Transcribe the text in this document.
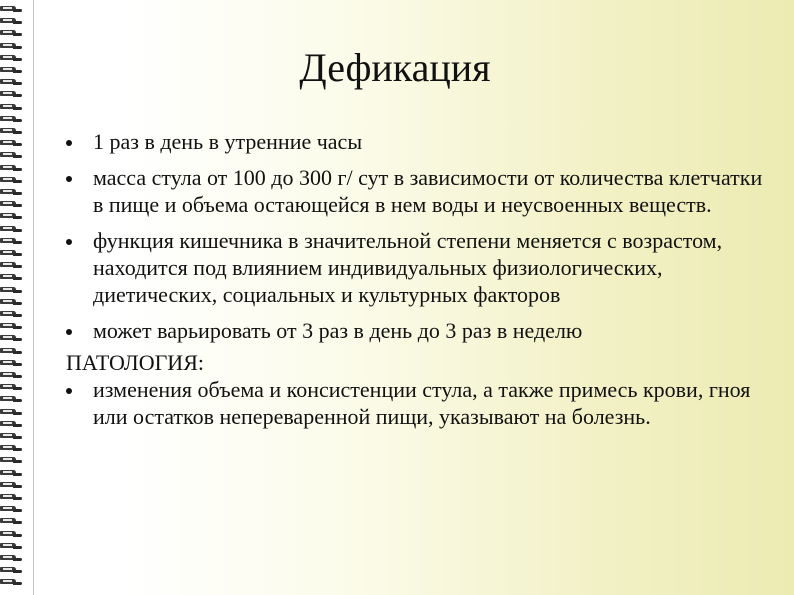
Дефикация
1 раз в день в утренние часы
масса стула от 100 до 300 г/ сут в зависимости от количества клетчатки в пище и объема остающейся в нем воды и неусвоенных веществ.
функция кишечника в значительной степени меняется с возрастом, находится под влиянием индивидуальных физиологических, диетических, социальных и культурных факторов
может варьировать от 3 раз в день до 3 раз в неделю

ПАТОЛОГИЯ:

изменения объема и консистенции стула, а также примесь крови, гноя или остатков непереваренной пищи, указывают на болезнь.
